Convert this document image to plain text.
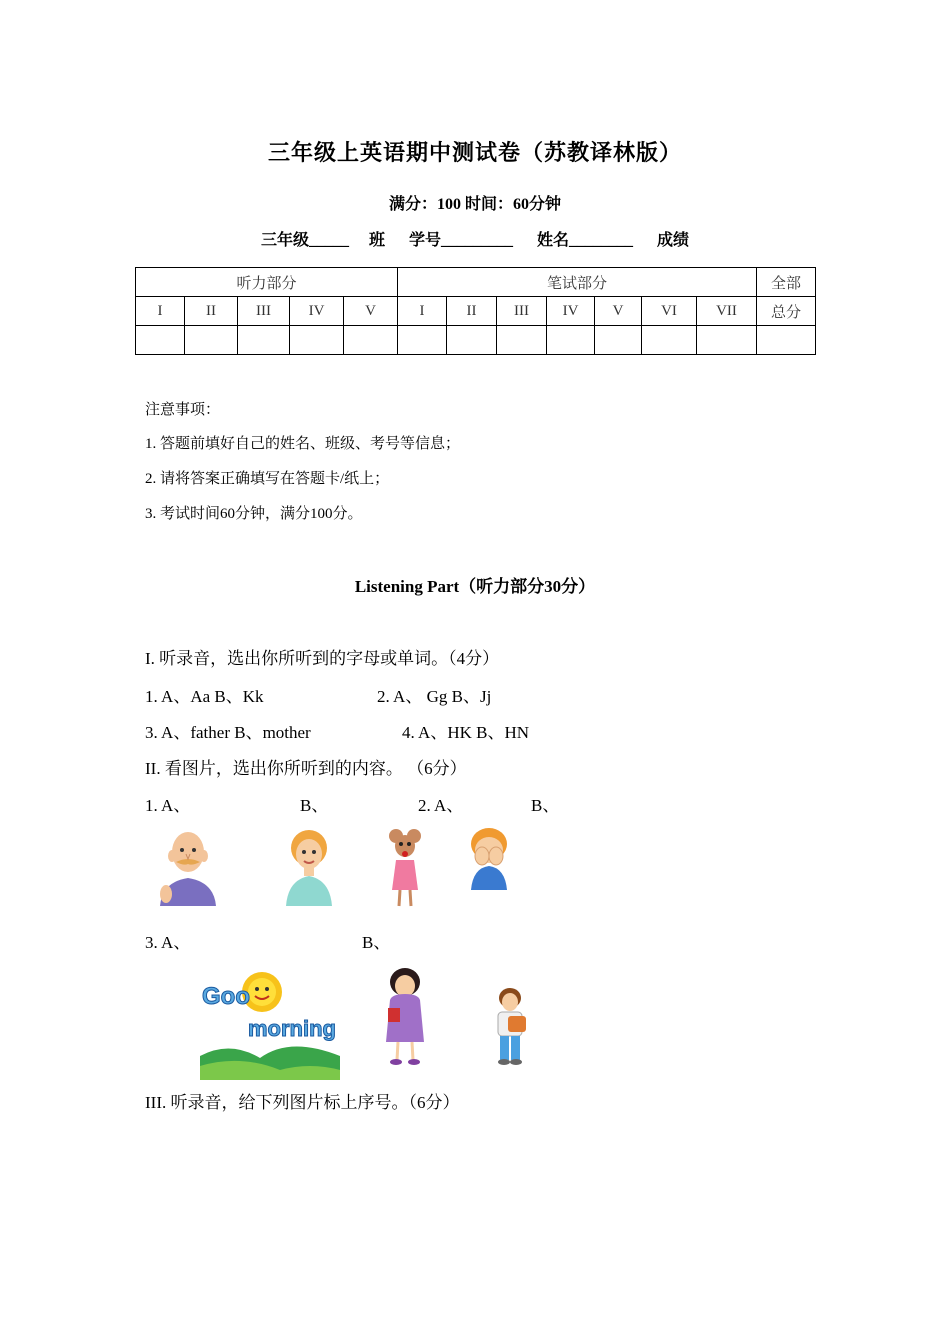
三年级上英语期中测试卷（苏教译林版）
满分：100 时间：60分钟
三年级_____ 班 学号_________ 姓名________ 成绩
听力部分					笔试部分							全部
I	II	III	IV	V	I	II	III	IV	V	VI	VII	总分

注意事项：
1. 答题前填好自己的姓名、班级、考号等信息；
2. 请将答案正确填写在答题卡/纸上；
3. 考试时间60分钟，满分100分。
Listening Part（听力部分30分）
I. 听录音，选出你所听到的字母或单词。（4分）
1. A、Aa B、Kk	2. A、 Gg B、Jj
3. A、father B、mother	4. A、HK B、HN
II. 看图片，选出你所听到的内容。 （6分）
1. A、	B、	2. A、	B、
3. A、	B、
Goo
morning
III. 听录音，给下列图片标上序号。（6分）
